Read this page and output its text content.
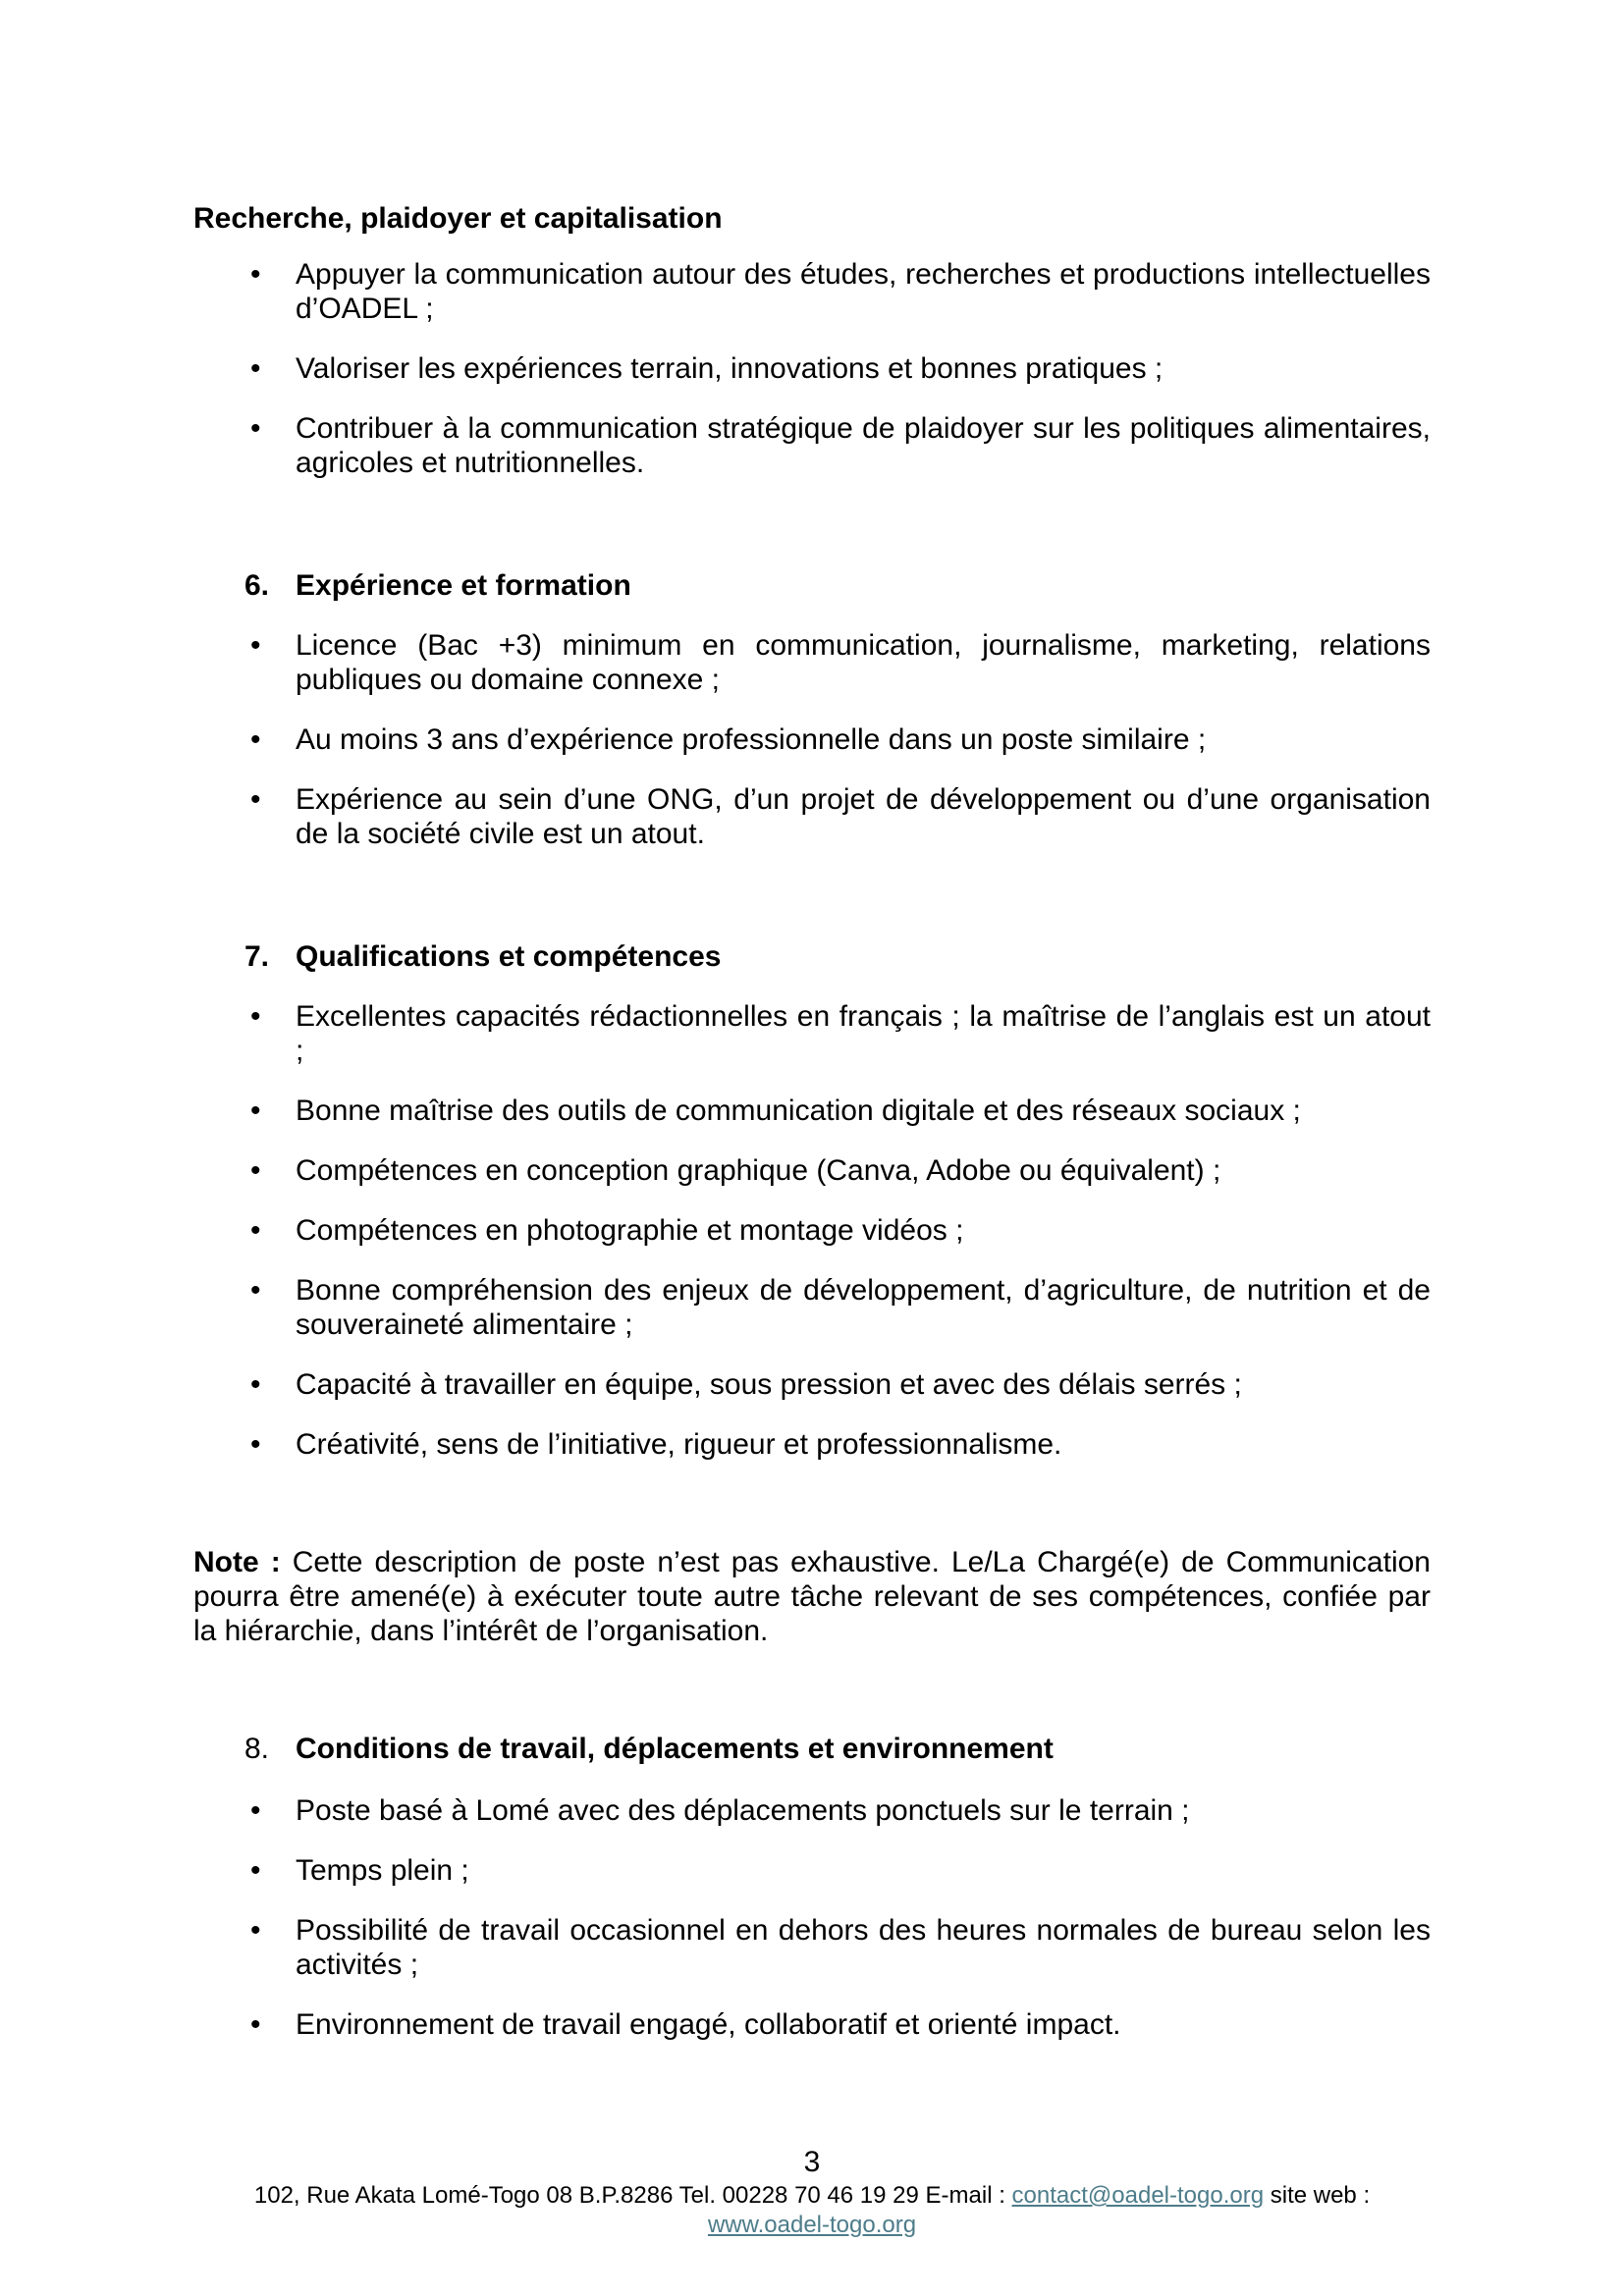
Recherche, plaidoyer et capitalisation
• Appuyer la communication autour des études, recherches et productions intellectuelles d’OADEL ;
• Valoriser les expériences terrain, innovations et bonnes pratiques ;
• Contribuer à la communication stratégique de plaidoyer sur les politiques alimentaires, agricoles et nutritionnelles.
6. Expérience et formation
• Licence (Bac +3) minimum en communication, journalisme, marketing, relations publiques ou domaine connexe ;
• Au moins 3 ans d’expérience professionnelle dans un poste similaire ;
• Expérience au sein d’une ONG, d’un projet de développement ou d’une organisation de la société civile est un atout.
7. Qualifications et compétences
• Excellentes capacités rédactionnelles en français ; la maîtrise de l’anglais est un atout ;
• Bonne maîtrise des outils de communication digitale et des réseaux sociaux ;
• Compétences en conception graphique (Canva, Adobe ou équivalent) ;
• Compétences en photographie et montage vidéos ;
• Bonne compréhension des enjeux de développement, d’agriculture, de nutrition et de souveraineté alimentaire ;
• Capacité à travailler en équipe, sous pression et avec des délais serrés ;
• Créativité, sens de l’initiative, rigueur et professionnalisme.
Note : Cette description de poste n’est pas exhaustive. Le/La Chargé(e) de Communication pourra être amené(e) à exécuter toute autre tâche relevant de ses compétences, confiée par la hiérarchie, dans l’intérêt de l’organisation.
8. Conditions de travail, déplacements et environnement
• Poste basé à Lomé avec des déplacements ponctuels sur le terrain ;
• Temps plein ;
• Possibilité de travail occasionnel en dehors des heures normales de bureau selon les activités ;
• Environnement de travail engagé, collaboratif et orienté impact.
3
102, Rue Akata Lomé-Togo 08 B.P.8286 Tel. 00228 70 46 19 29 E-mail : contact@oadel-togo.org site web : www.oadel-togo.org
